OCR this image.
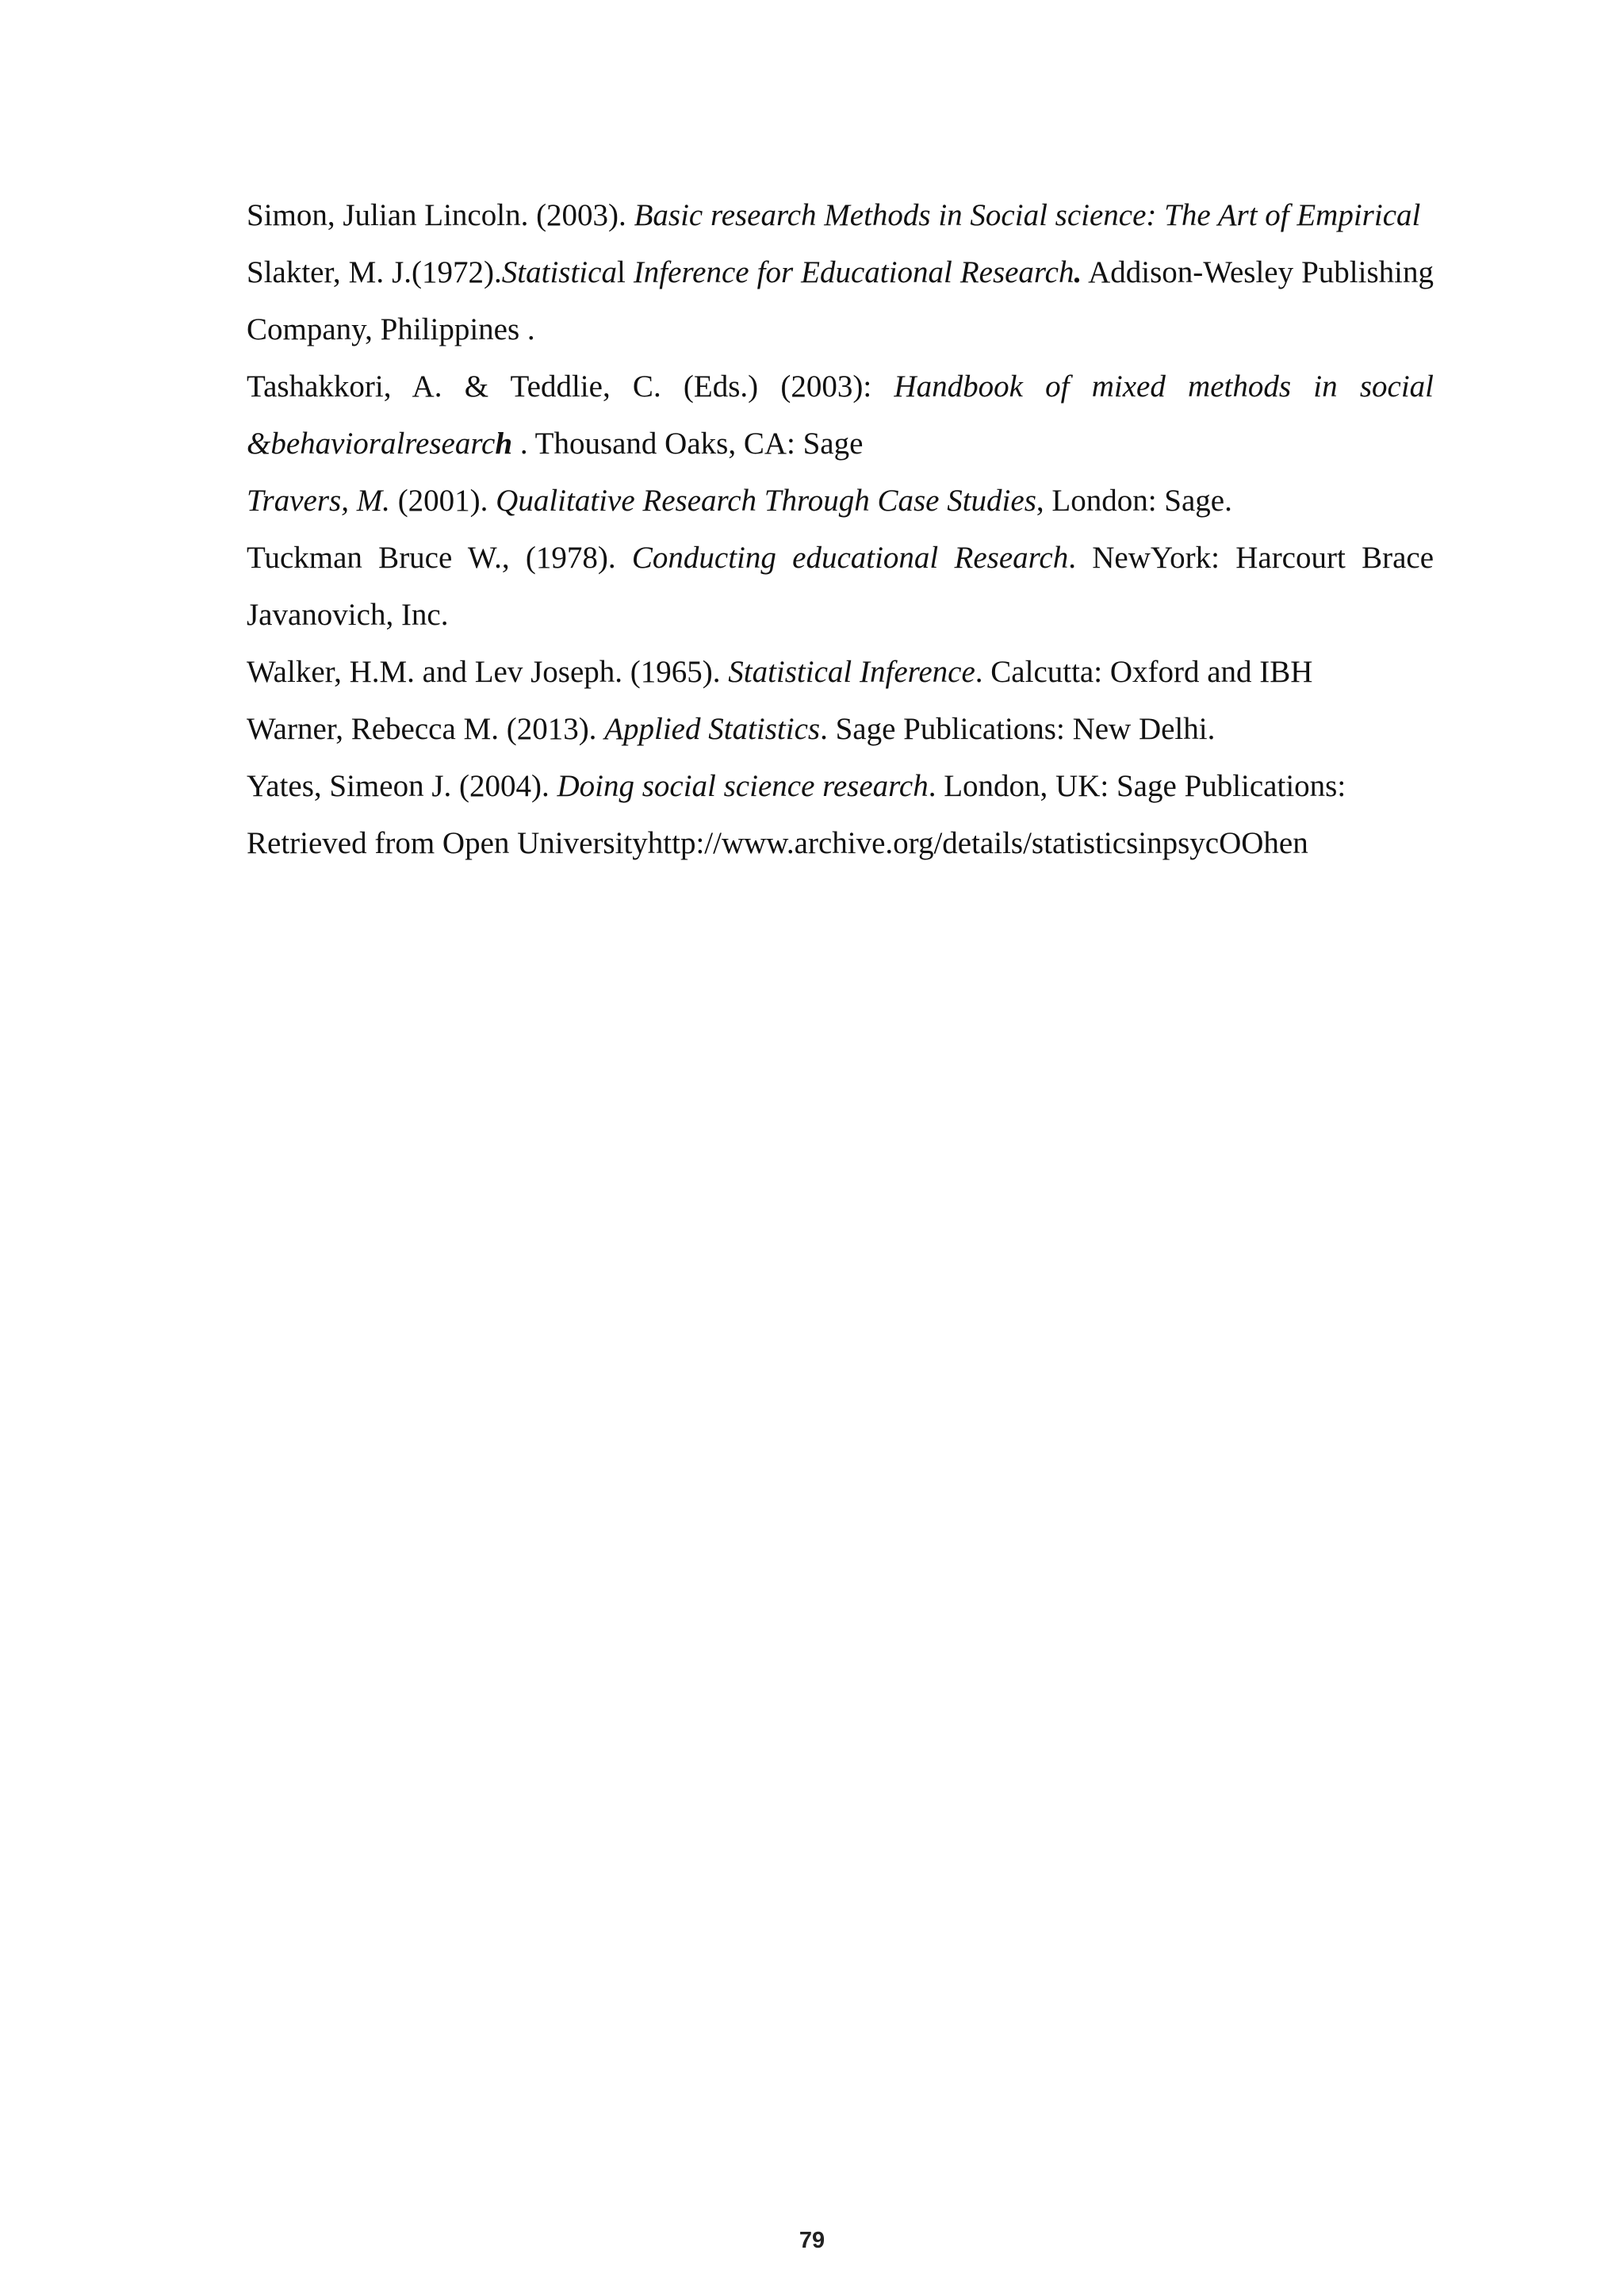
Simon, Julian Lincoln. (2003). Basic research Methods in Social science: The Art of Empirical

Slakter, M. J.(1972).Statistical Inference for Educational Research. Addison-Wesley Publishing Company, Philippines .

Tashakkori, A. & Teddlie, C. (Eds.) (2003): Handbook of mixed methods in social &behavioralresearch . Thousand Oaks, CA: Sage

Travers, M. (2001). Qualitative Research Through Case Studies, London: Sage.

Tuckman Bruce W., (1978). Conducting educational Research. NewYork: Harcourt Brace Javanovich, Inc.

Walker, H.M. and Lev Joseph. (1965). Statistical Inference. Calcutta: Oxford and IBH

Warner, Rebecca M. (2013). Applied Statistics. Sage Publications: New Delhi.

Yates, Simeon J. (2004). Doing social science research. London, UK: Sage Publications: Retrieved from Open Universityhttp://www.archive.org/details/statisticsinpsycOOhen

79
